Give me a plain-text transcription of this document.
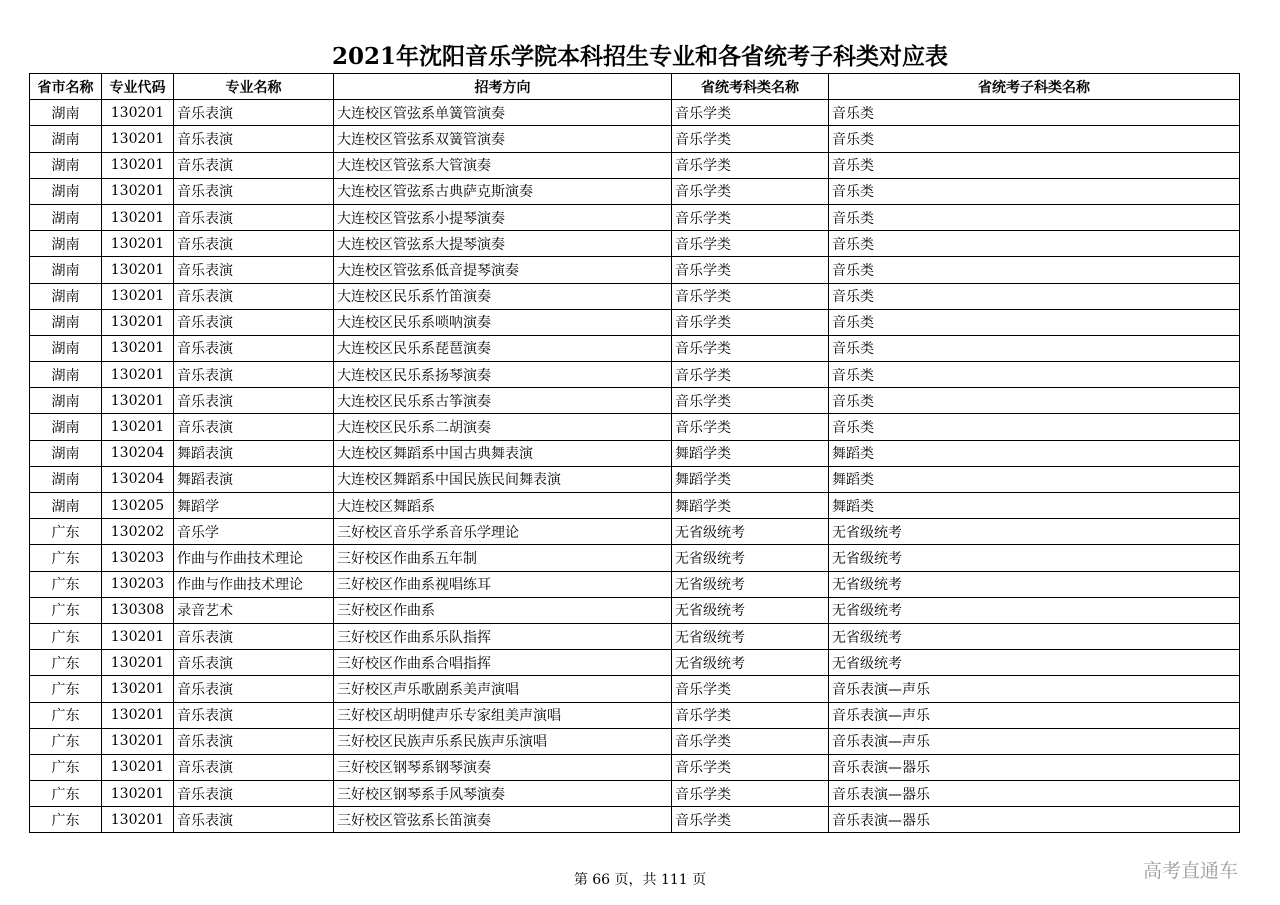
2021年沈阳音乐学院本科招生专业和各省统考子科类对应表
省市名称	专业代码	专业名称	招考方向	省统考科类名称	省统考子科类名称
湖南	130201	音乐表演	大连校区管弦系单簧管演奏	音乐学类	音乐类
湖南	130201	音乐表演	大连校区管弦系双簧管演奏	音乐学类	音乐类
湖南	130201	音乐表演	大连校区管弦系大管演奏	音乐学类	音乐类
湖南	130201	音乐表演	大连校区管弦系古典萨克斯演奏	音乐学类	音乐类
湖南	130201	音乐表演	大连校区管弦系小提琴演奏	音乐学类	音乐类
湖南	130201	音乐表演	大连校区管弦系大提琴演奏	音乐学类	音乐类
湖南	130201	音乐表演	大连校区管弦系低音提琴演奏	音乐学类	音乐类
湖南	130201	音乐表演	大连校区民乐系竹笛演奏	音乐学类	音乐类
湖南	130201	音乐表演	大连校区民乐系唢呐演奏	音乐学类	音乐类
湖南	130201	音乐表演	大连校区民乐系琵琶演奏	音乐学类	音乐类
湖南	130201	音乐表演	大连校区民乐系扬琴演奏	音乐学类	音乐类
湖南	130201	音乐表演	大连校区民乐系古筝演奏	音乐学类	音乐类
湖南	130201	音乐表演	大连校区民乐系二胡演奏	音乐学类	音乐类
湖南	130204	舞蹈表演	大连校区舞蹈系中国古典舞表演	舞蹈学类	舞蹈类
湖南	130204	舞蹈表演	大连校区舞蹈系中国民族民间舞表演	舞蹈学类	舞蹈类
湖南	130205	舞蹈学	大连校区舞蹈系	舞蹈学类	舞蹈类
广东	130202	音乐学	三好校区音乐学系音乐学理论	无省级统考	无省级统考
广东	130203	作曲与作曲技术理论	三好校区作曲系五年制	无省级统考	无省级统考
广东	130203	作曲与作曲技术理论	三好校区作曲系视唱练耳	无省级统考	无省级统考
广东	130308	录音艺术	三好校区作曲系	无省级统考	无省级统考
广东	130201	音乐表演	三好校区作曲系乐队指挥	无省级统考	无省级统考
广东	130201	音乐表演	三好校区作曲系合唱指挥	无省级统考	无省级统考
广东	130201	音乐表演	三好校区声乐歌剧系美声演唱	音乐学类	音乐表演—声乐
广东	130201	音乐表演	三好校区胡明健声乐专家组美声演唱	音乐学类	音乐表演—声乐
广东	130201	音乐表演	三好校区民族声乐系民族声乐演唱	音乐学类	音乐表演—声乐
广东	130201	音乐表演	三好校区钢琴系钢琴演奏	音乐学类	音乐表演—器乐
广东	130201	音乐表演	三好校区钢琴系手风琴演奏	音乐学类	音乐表演—器乐
广东	130201	音乐表演	三好校区管弦系长笛演奏	音乐学类	音乐表演—器乐
第 66 页，共 111 页	高考直通车
